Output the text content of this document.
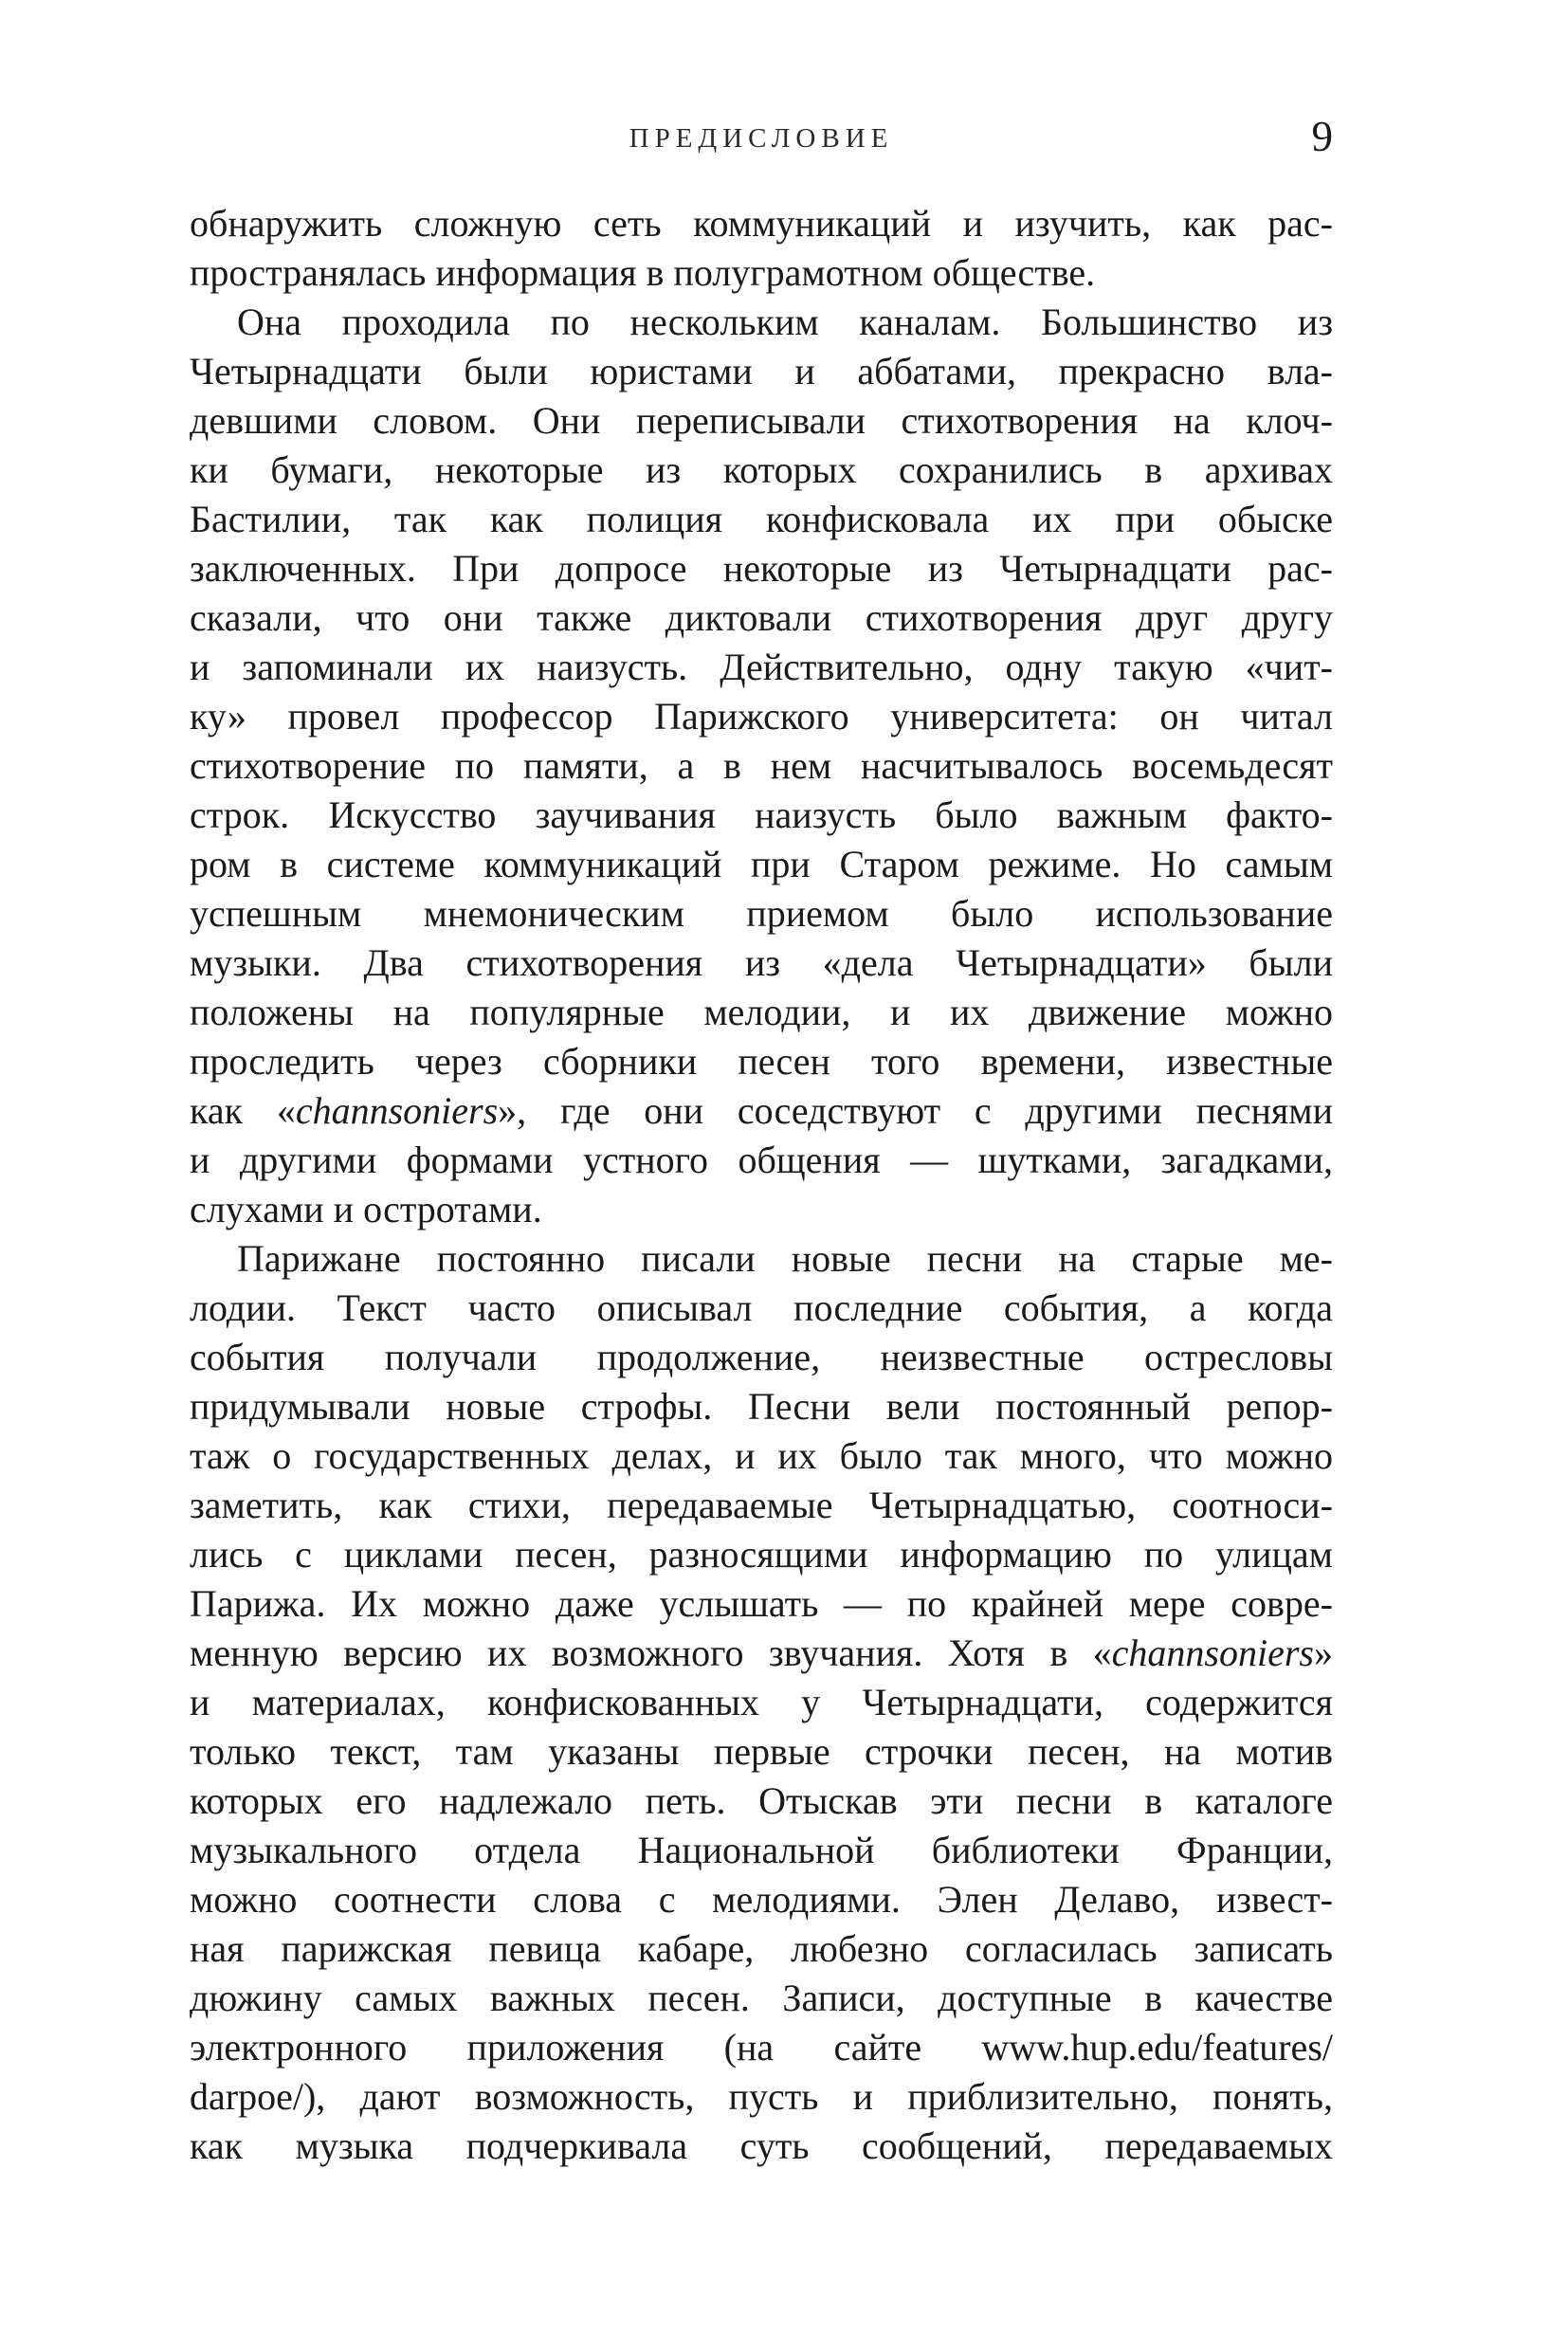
ПРЕДИСЛОВИЕ	9
обнаружить сложную сеть коммуникаций и изучить, как рас-
пространялась информация в полуграмотном обществе.
Она проходила по нескольким каналам. Большинство из
Четырнадцати были юристами и аббатами, прекрасно вла-
девшими словом. Они переписывали стихотворения на клоч-
ки бумаги, некоторые из которых сохранились в архивах
Бастилии, так как полиция конфисковала их при обыске
заключенных. При допросе некоторые из Четырнадцати рас-
сказали, что они также диктовали стихотворения друг другу
и запоминали их наизусть. Действительно, одну такую «чит-
ку» провел профессор Парижского университета: он читал
стихотворение по памяти, а в нем насчитывалось восемьдесят
строк. Искусство заучивания наизусть было важным факто-
ром в системе коммуникаций при Старом режиме. Но самым
успешным мнемоническим приемом было использование
музыки. Два стихотворения из «дела Четырнадцати» были
положены на популярные мелодии, и их движение можно
проследить через сборники песен того времени, известные
как «channsoniers», где они соседствуют с другими песнями
и другими формами устного общения — шутками, загадками,
слухами и остротами.
Парижане постоянно писали новые песни на старые ме-
лодии. Текст часто описывал последние события, а когда
события получали продолжение, неизвестные остресловы
придумывали новые строфы. Песни вели постоянный репор-
таж о государственных делах, и их было так много, что можно
заметить, как стихи, передаваемые Четырнадцатью, соотноси-
лись с циклами песен, разносящими информацию по улицам
Парижа. Их можно даже услышать — по крайней мере совре-
менную версию их возможного звучания. Хотя в «channsoniers»
и материалах, конфискованных у Четырнадцати, содержится
только текст, там указаны первые строчки песен, на мотив
которых его надлежало петь. Отыскав эти песни в каталоге
музыкального отдела Национальной библиотеки Франции,
можно соотнести слова с мелодиями. Элен Делаво, извест-
ная парижская певица кабаре, любезно согласилась записать
дюжину самых важных песен. Записи, доступные в качестве
электронного приложения (на сайте www.hup.edu/features/
darpoe/), дают возможность, пусть и приблизительно, понять,
как музыка подчеркивала суть сообщений, передаваемых
